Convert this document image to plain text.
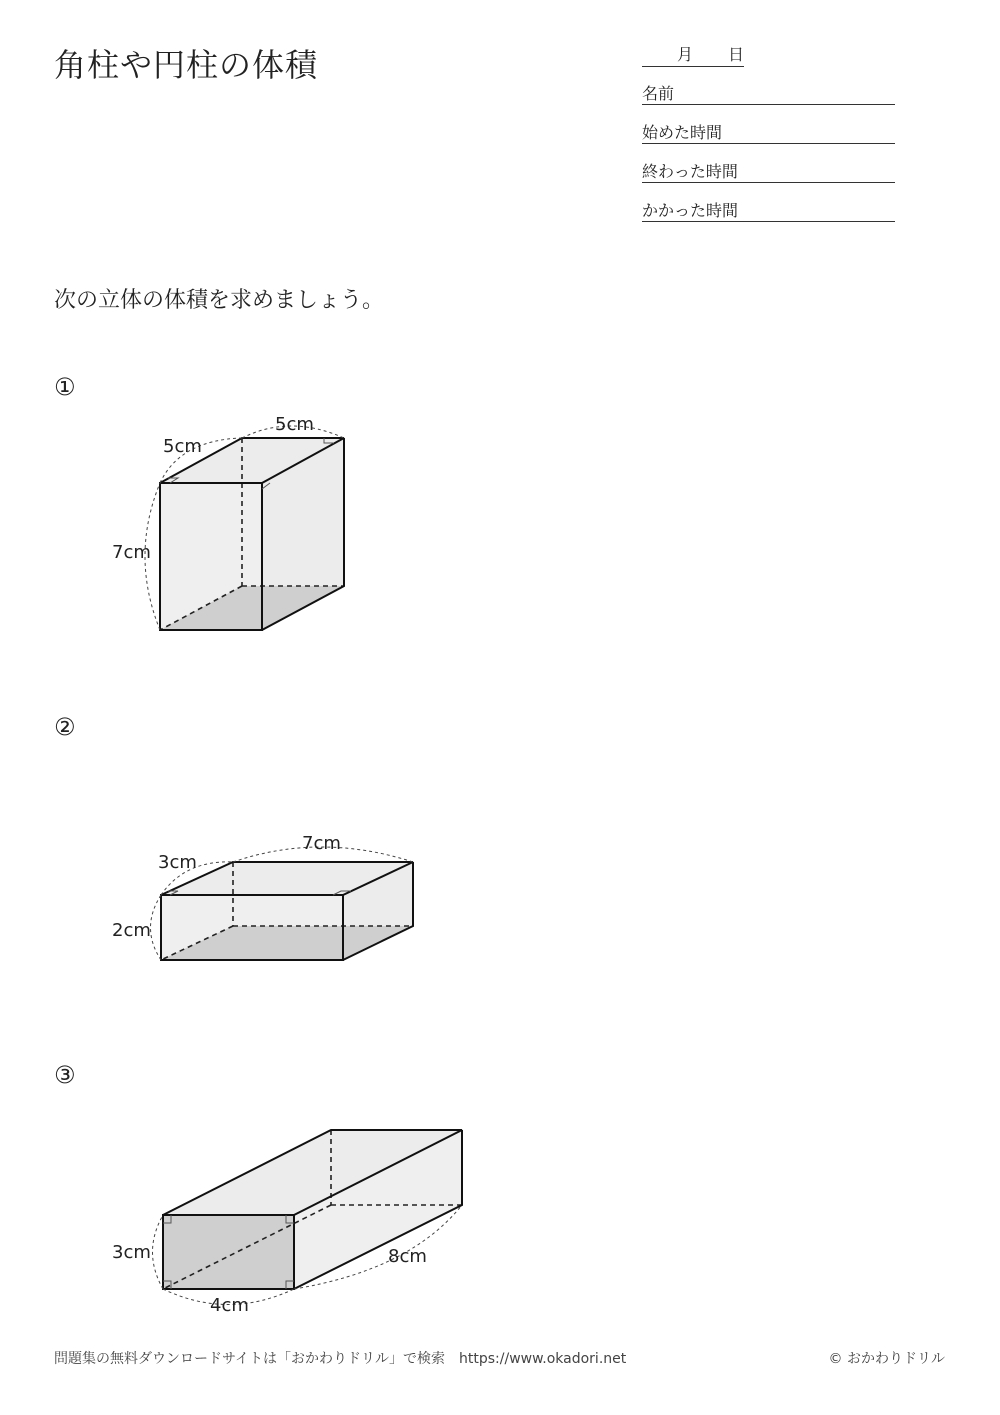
角柱や円柱の体積	月 日
名前
始めた時間
終わった時間
かかった時間

次の立体の体積を求めましょう。

①
5cm
5cm
7cm
②
7cm
3cm
2cm
③
3cm
4cm
8cm
問題集の無料ダウンロードサイトは「おかわりドリル」で検索　https://www.okadori.net	© おかわりドリル
